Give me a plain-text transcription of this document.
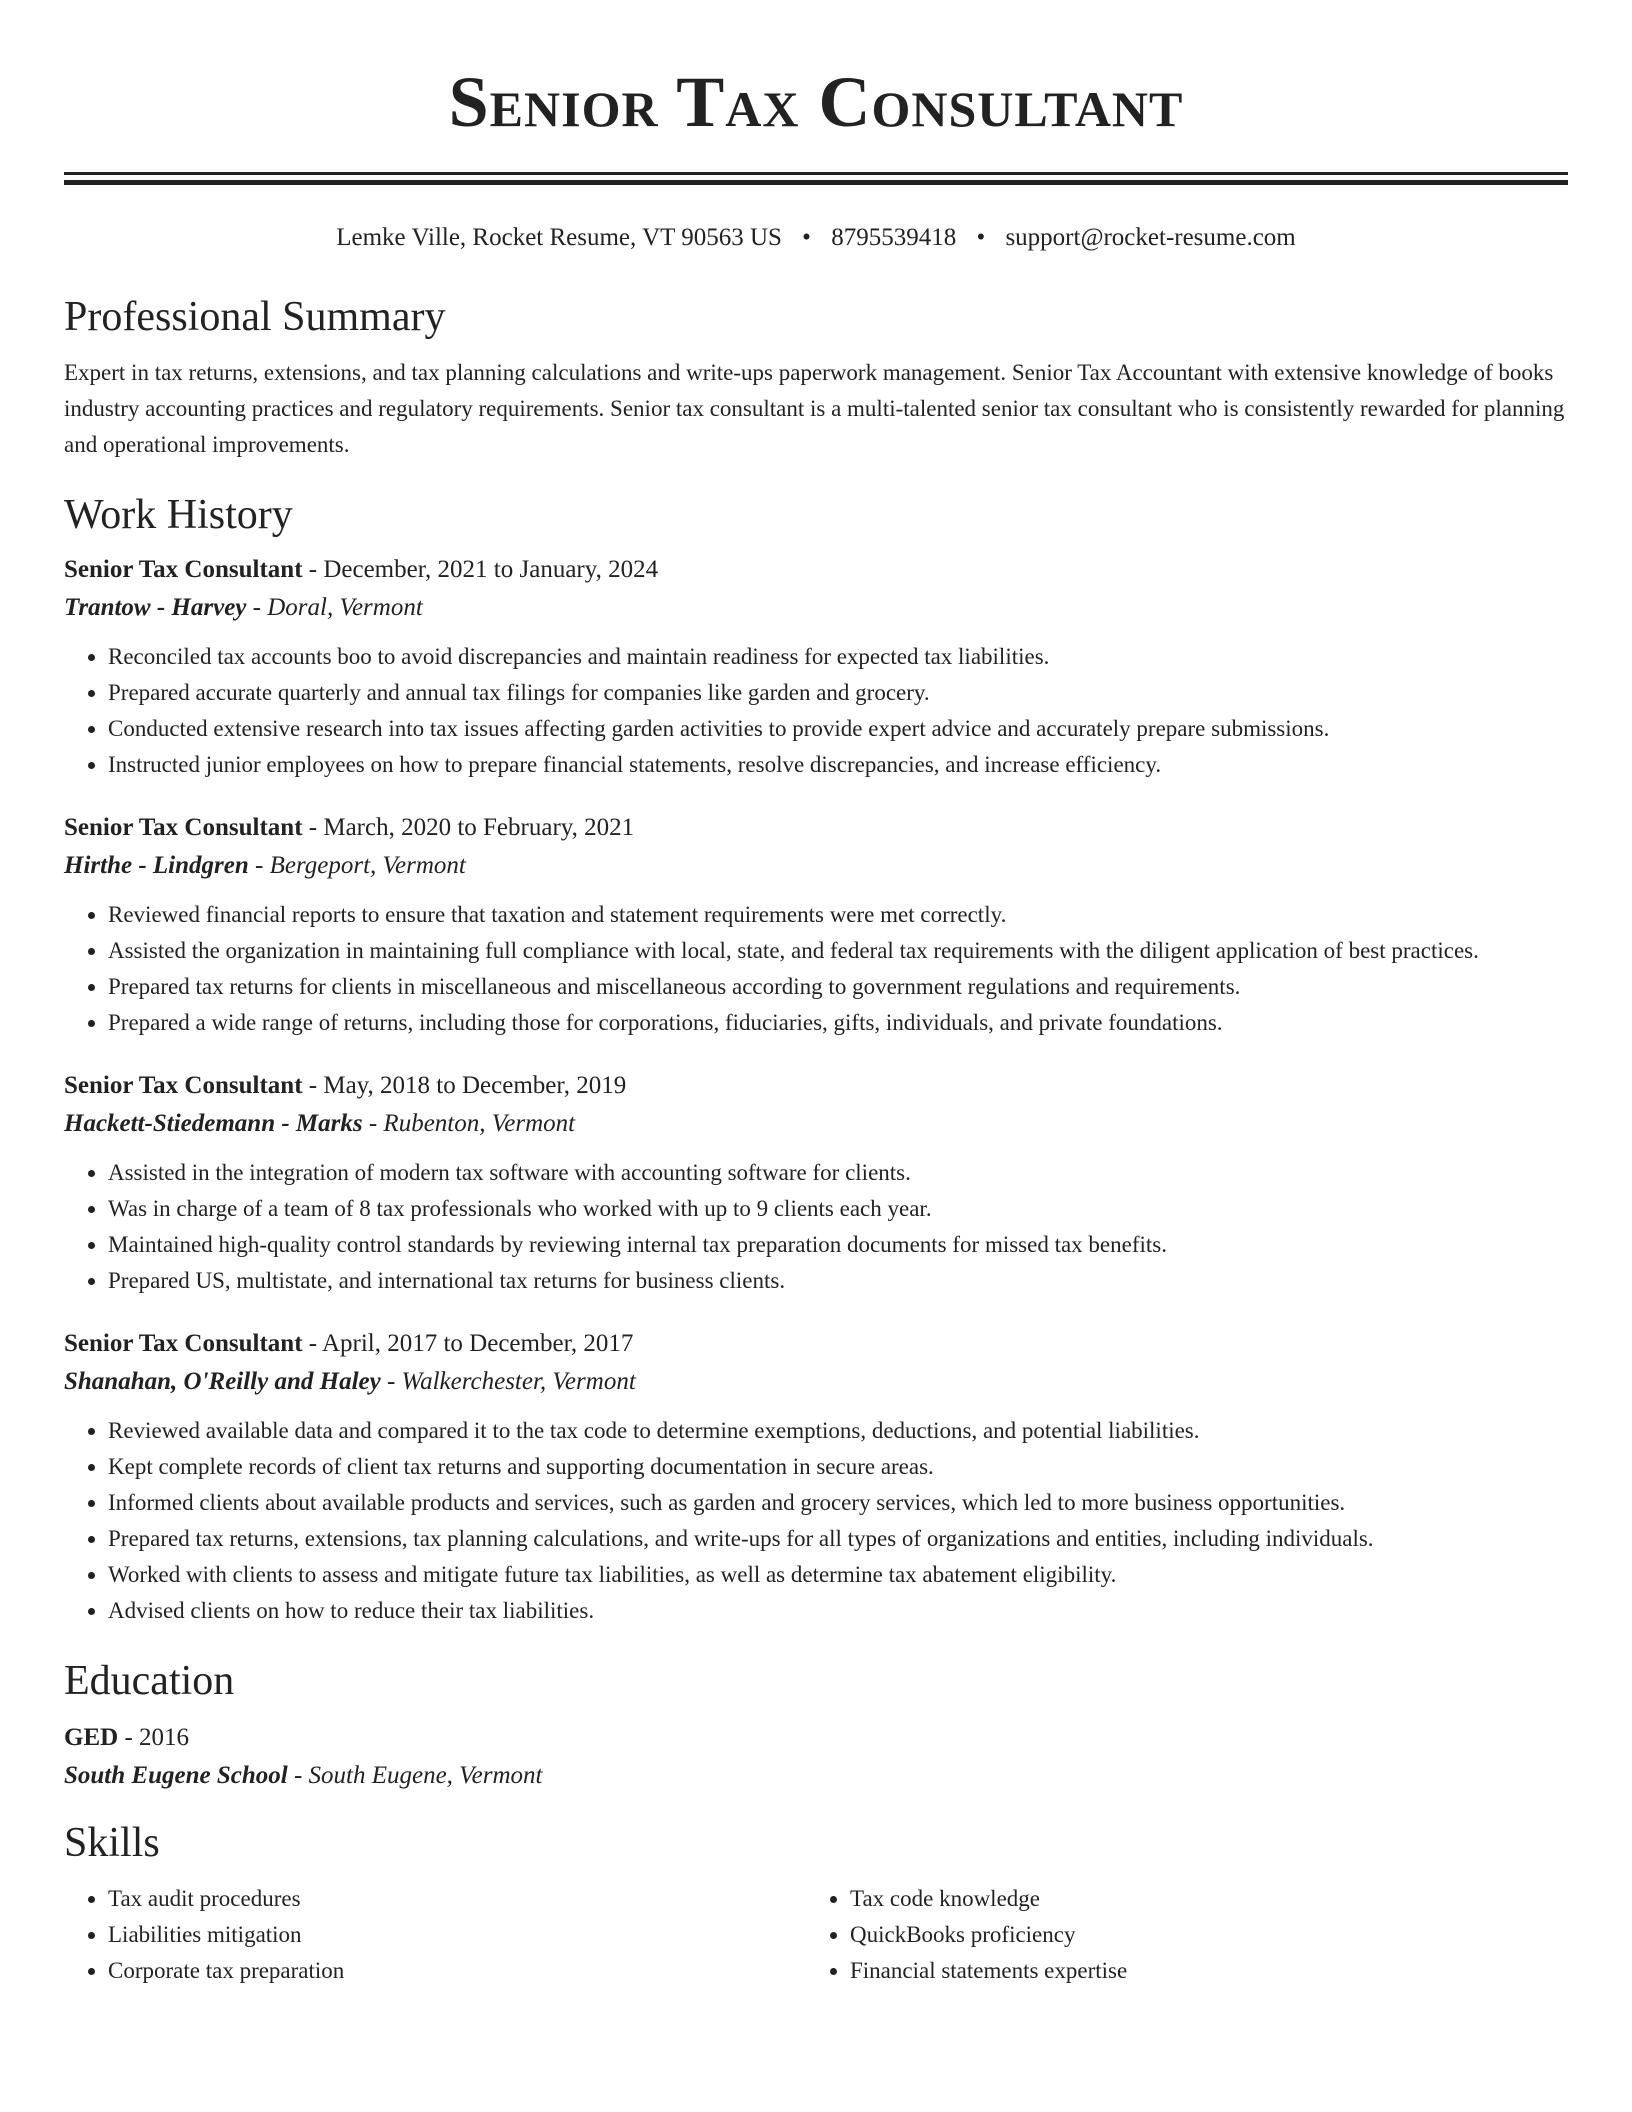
Senior Tax Consultant
Lemke Ville, Rocket Resume, VT 90563 US • 8795539418 • support@rocket-resume.com
Professional Summary

Expert in tax returns, extensions, and tax planning calculations and write-ups paperwork management. Senior Tax Accountant with extensive knowledge of books industry accounting practices and regulatory requirements. Senior tax consultant is a multi-talented senior tax consultant who is consistently rewarded for planning and operational improvements.

Work History
Senior Tax Consultant - December, 2021 to January, 2024
Trantow - Harvey - Doral, Vermont
• Reconciled tax accounts boo to avoid discrepancies and maintain readiness for expected tax liabilities.
• Prepared accurate quarterly and annual tax filings for companies like garden and grocery.
• Conducted extensive research into tax issues affecting garden activities to provide expert advice and accurately prepare submissions.
• Instructed junior employees on how to prepare financial statements, resolve discrepancies, and increase efficiency.
Senior Tax Consultant - March, 2020 to February, 2021
Hirthe - Lindgren - Bergeport, Vermont
• Reviewed financial reports to ensure that taxation and statement requirements were met correctly.
• Assisted the organization in maintaining full compliance with local, state, and federal tax requirements with the diligent application of best practices.
• Prepared tax returns for clients in miscellaneous and miscellaneous according to government regulations and requirements.
• Prepared a wide range of returns, including those for corporations, fiduciaries, gifts, individuals, and private foundations.
Senior Tax Consultant - May, 2018 to December, 2019
Hackett-Stiedemann - Marks - Rubenton, Vermont
• Assisted in the integration of modern tax software with accounting software for clients.
• Was in charge of a team of 8 tax professionals who worked with up to 9 clients each year.
• Maintained high-quality control standards by reviewing internal tax preparation documents for missed tax benefits.
• Prepared US, multistate, and international tax returns for business clients.
Senior Tax Consultant - April, 2017 to December, 2017
Shanahan, O'Reilly and Haley - Walkerchester, Vermont
• Reviewed available data and compared it to the tax code to determine exemptions, deductions, and potential liabilities.
• Kept complete records of client tax returns and supporting documentation in secure areas.
• Informed clients about available products and services, such as garden and grocery services, which led to more business opportunities.
• Prepared tax returns, extensions, tax planning calculations, and write-ups for all types of organizations and entities, including individuals.
• Worked with clients to assess and mitigate future tax liabilities, as well as determine tax abatement eligibility.
• Advised clients on how to reduce their tax liabilities.
Education
GED - 2016
South Eugene School - South Eugene, Vermont
Skills
• Tax audit procedures
• Liabilities mitigation
• Corporate tax preparation
• Tax code knowledge
• QuickBooks proficiency
• Financial statements expertise
